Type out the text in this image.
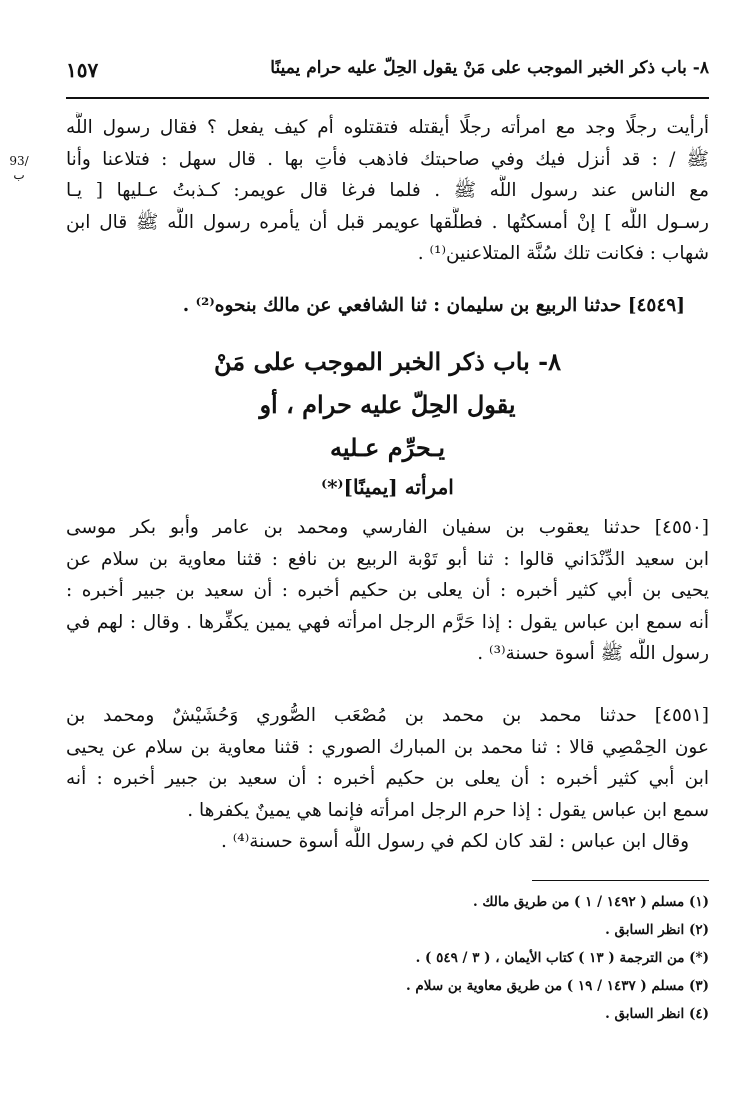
٨- باب ذكر الخبر الموجب على مَنْ يقول الحِلّ عليه حرام يمينًا
١٥٧
93/ب
أرأيت رجلًا وجد مع امرأته رجلًا أيقتله فتقتلوه أم كيف يفعل ؟ فقال رسول اللَّه
ﷺ / : قد أنزل فيك وفي صاحبتك فاذهب فأتِ بها . قال سهل : فتلاعنا وأنا
مع الناس عند رسول اللَّه ﷺ . فلما فرغا قال عويمر: كـذبتُ عـليها [ يـا
رسـول اللَّه ] إنْ أمسكتُها . فطلَّقها عويمر قبل أن يأمره رسول اللَّه ﷺ قال ابن
شهاب : فكانت تلك سُنَّة المتلاعنين⁽¹⁾ .
[٤٥٤٩] حدثنا الربيع بن سليمان : ثنا الشافعي عن مالك بنحوه⁽²⁾ .
٨- باب ذكر الخبر الموجب على مَنْ
يقول الحِلّ عليه حرام ، أو
يـحرِّم عـليه
امرأته [يمينًا]⁽*⁾
[٤٥٥٠] حدثنا يعقوب بن سفيان الفارسي ومحمد بن عامر وأبو بكر موسى
ابن سعيد الدِّنْدَاني قالوا : ثنا أبو تَوْبة الربيع بن نافع : قثنا معاوية بن سلام عن
يحيى بن أبي كثير أخبره : أن يعلى بن حكيم أخبره : أن سعيد بن جبير أخبره :
أنه سمع ابن عباس يقول : إذا حَرَّم الرجل امرأته فهي يمين يكفِّرها . وقال : لهم في
رسول اللَّه ﷺ أسوة حسنة⁽³⁾ .
[٤٥٥١] حدثنا محمد بن محمد بن مُصْعَب الصُّوري وَحُشَيْشٌ ومحمد بن
عون الحِمْصِي قالا : ثنا محمد بن المبارك الصوري : قثنا معاوية بن سلام عن يحيى
ابن أبي كثير أخبره : أن يعلى بن حكيم أخبره : أن سعيد بن جبير أخبره : أنه
سمع ابن عباس يقول : إذا حرم الرجل امرأته فإنما هي يمينٌ يكفرها .
وقال ابن عباس : لقد كان لكم في رسول اللَّه أسوة حسنة⁽⁴⁾ .
(١) مسلم ( ١٤٩٢ / ١ ) من طريق مالك .
(٢) انظر السابق .
(*) من الترجمة ( ١٣ ) كتاب الأيمان ، ( ٣ / ٥٤٩ ) .
(٣) مسلم ( ١٤٣٧ / ١٩ ) من طريق معاوية بن سلام .
(٤) انظر السابق .
